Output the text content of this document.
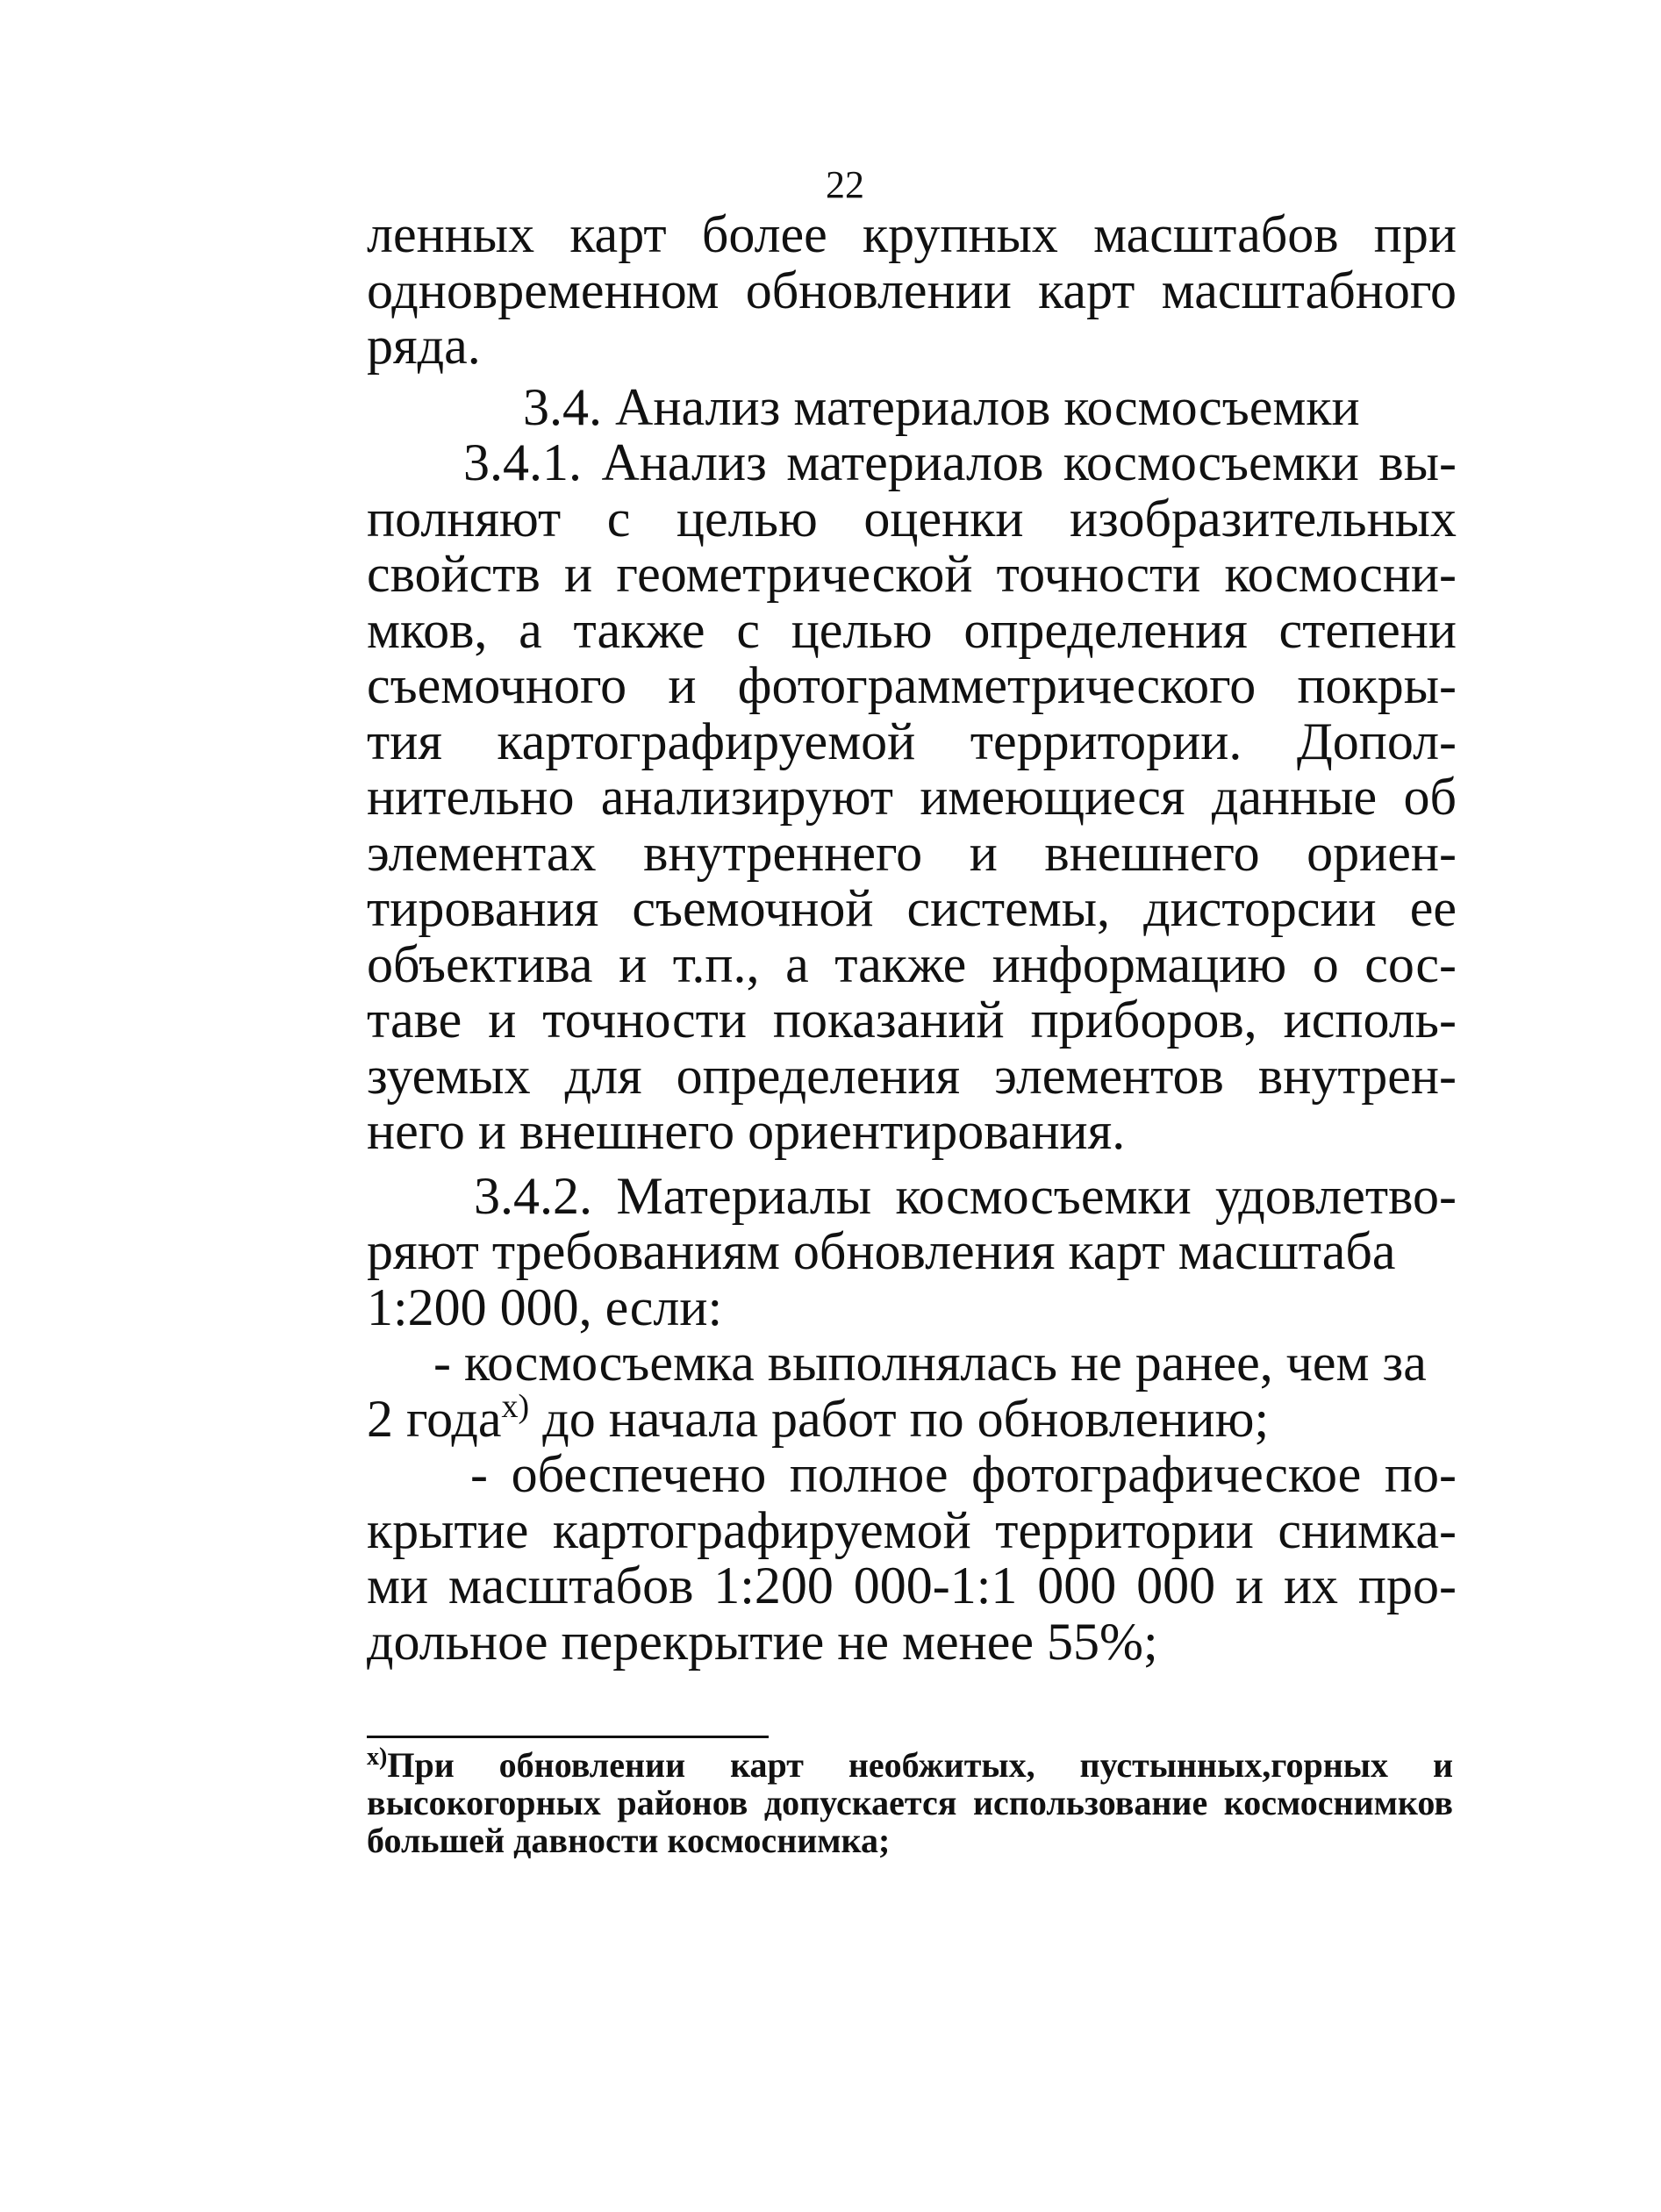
22
ленных карт более крупных масштабов при
одновременном обновлении карт масштабного
ряда.
3.4. Анализ материалов космосъемки
3.4.1. Анализ материалов космосъемки вы-
полняют с целью оценки изобразительных
свойств и геометрической точности космосни-
мков, а также с целью определения степени
съемочного и фотограмметрического покры-
тия картографируемой территории. Допол-
нительно анализируют имеющиеся данные об
элементах внутреннего и внешнего ориен-
тирования съемочной системы, дисторсии ее
объектива и т.п., а также информацию о сос-
таве и точности показаний приборов, исполь-
зуемых для определения элементов внутрен-
него и внешнего ориентирования.
3.4.2. Материалы космосъемки удовлетво-
ряют требованиям обновления карт масштаба
1:200 000, если:
- космосъемка выполнялась не ранее, чем за
2 года$^{x)}$ до начала работ по обновлению;
- обеспечено полное фотографическое по-
крытие картографируемой территории снимка-
ми масштабов 1:200 000-1:1 000 000 и их про-
дольное перекрытие не менее 55%;
$^{x)}$При обновлении карт необжитых, пустынных,горных и
высокогорных районов допускается использование космоснимков
большей давности космоснимка;
